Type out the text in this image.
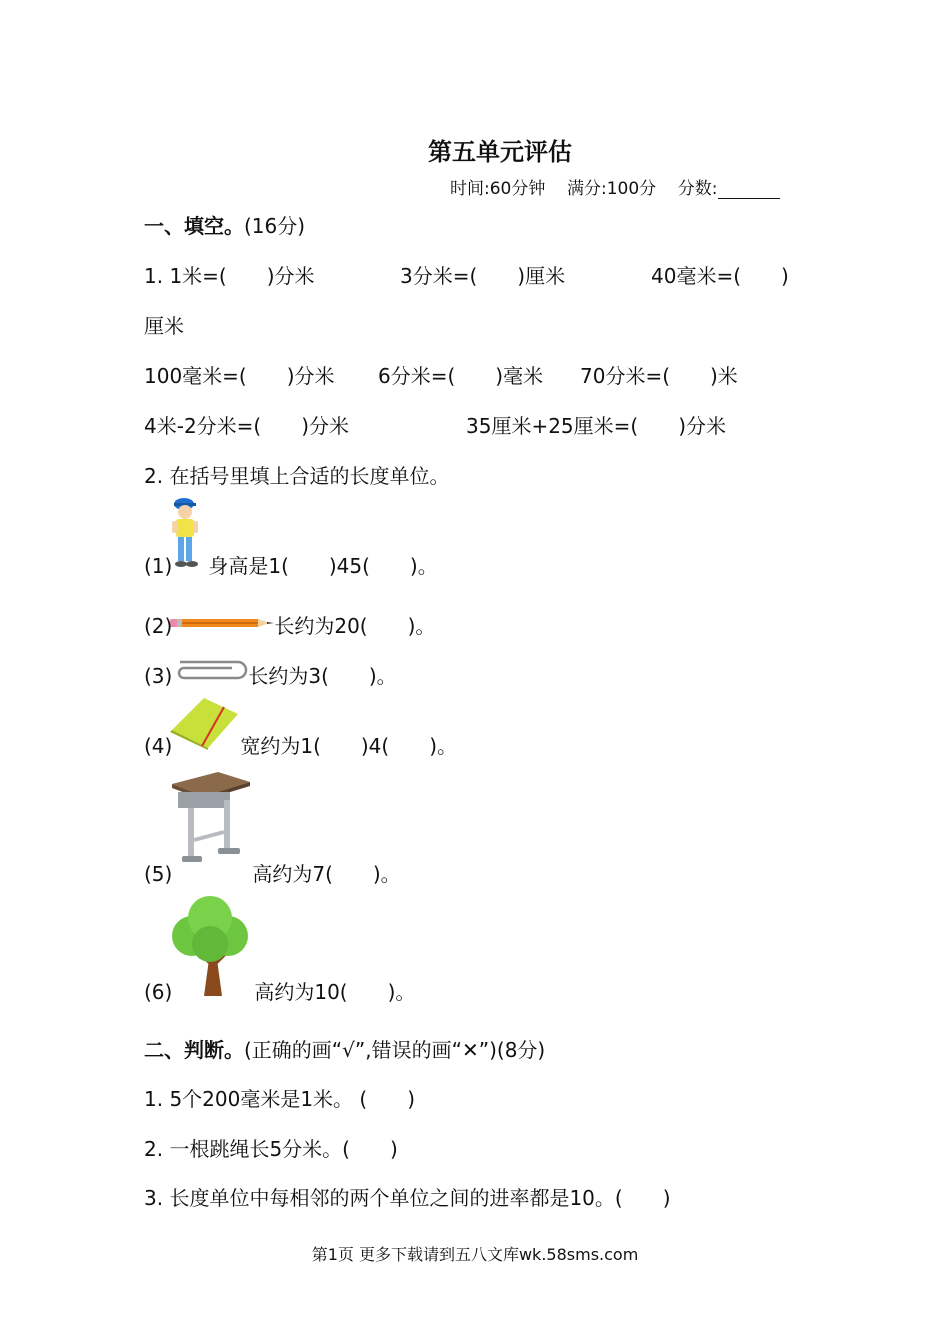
第五单元评估
时间:60分钟 满分:100分 分数:
一、填空。(16分)
1. 1米=(　　)分米	3分米=(　　)厘米	40毫米=(　　)
厘米
100毫米=(　　)分米 6分米=(　　)毫米 70分米=(　　)米
4米-2分米=(　　)分米	35厘米+25厘米=(　　)分米
2. 在括号里填上合适的长度单位。
(1) 身高是1(　　)45(　　)。
(2)	长约为20(　　)。
(3)	长约为3(　　)。
(4)	宽约为1(　　)4(　　)。
(5)	高约为7(　　)。
(6)	高约为10(　　)。
二、判断。(正确的画“√”,错误的画“✕”)(8分)
1. 5个200毫米是1米。 (　　)
2. 一根跳绳长5分米。(　　)
3. 长度单位中每相邻的两个单位之间的进率都是10。(　　)
第1页 更多下载请到五八文库wk.58sms.com
